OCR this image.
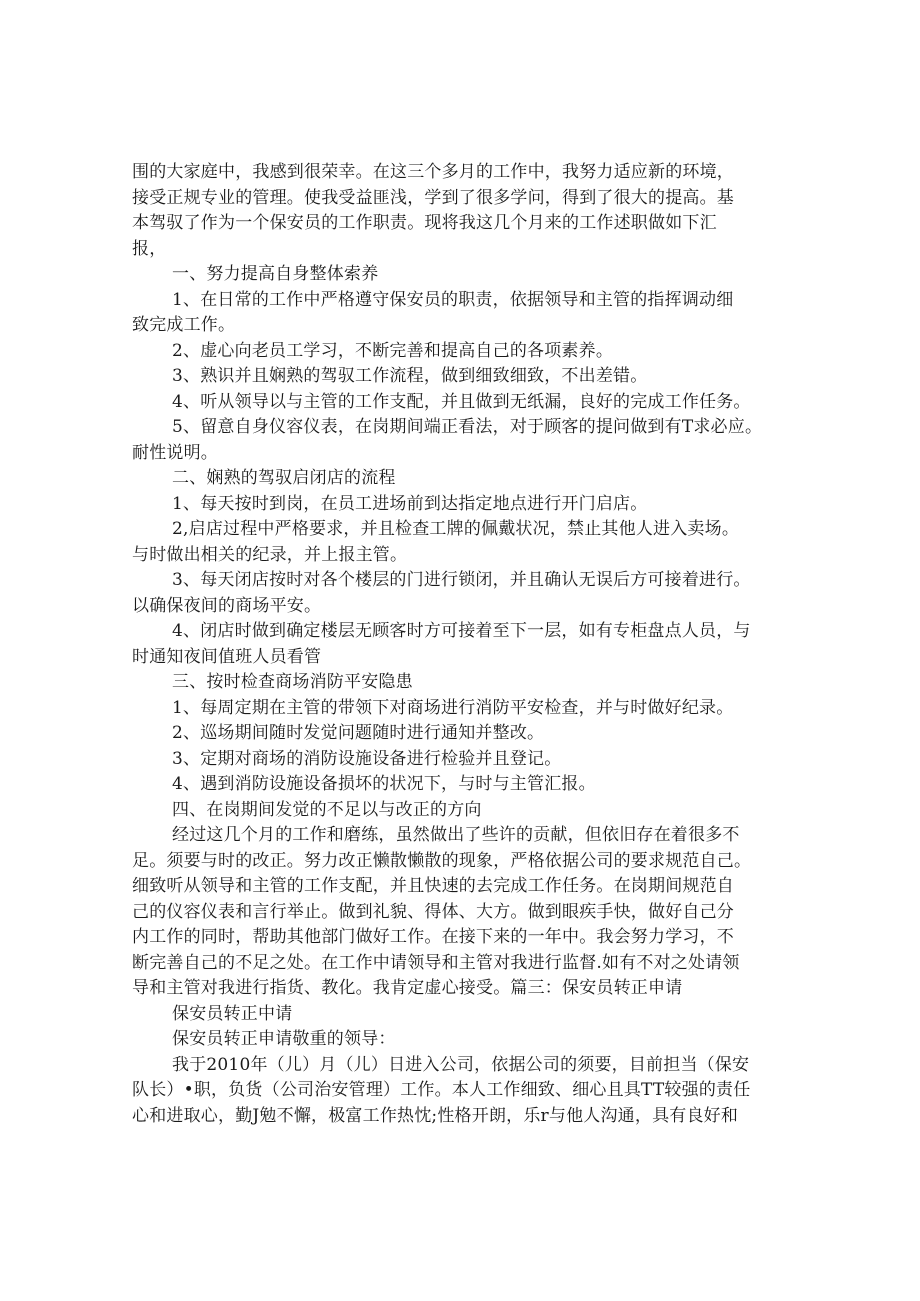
围的大家庭中，我感到很荣幸。在这三个多月的工作中，我努力适应新的环境，
接受正规专业的管理。使我受益匪浅，学到了很多学问，得到了很大的提高。基
本驾驭了作为一个保安员的工作职责。现将我这几个月来的工作述职做如下汇
报，
一、努力提高自身整体索养
1、在日常的工作中严格遵守保安员的职责，依据领导和主管的指挥调动细
致完成工作。
2、虚心向老员工学习，不断完善和提高自己的各项素养。
3、熟识并且娴熟的驾驭工作流程，做到细致细致，不出差错。
4、听从领导以与主管的工作支配，并且做到无纸漏，良好的完成工作任务。
5、留意自身仪容仪表，在岗期间端正看法，对于顾客的提问做到有T求必应。
耐性说明。
二、娴熟的驾驭启闭店的流程
1、每天按时到岗，在员工进场前到达指定地点进行开门启店。
2,启店过程中严格要求，并且检查工牌的佩戴状况，禁止其他人进入卖场。
与时做出相关的纪录，并上报主管。
3、每天闭店按时对各个楼层的门进行锁闭，并且确认无误后方可接着进行。
以确保夜间的商场平安。
4、闭店时做到确定楼层无顾客时方可接着至下一层，如有专柜盘点人员，与
时通知夜间值班人员看管
三、按时检查商场消防平安隐患
1、每周定期在主管的带领下对商场进行消防平安检查，并与时做好纪录。
2、巡场期间随时发觉问题随时进行通知并整改。
3、定期对商场的消防设施设备进行检验并且登记。
4、遇到消防设施设备损坏的状况下，与时与主管汇报。
四、在岗期间发觉的不足以与改正的方向
经过这几个月的工作和磨练，虽然做出了些许的贡献，但依旧存在着很多不
足。须要与时的改正。努力改正懒散懒散的现象，严格依据公司的要求规范自己。
细致听从领导和主管的工作支配，并且快速的去完成工作任务。在岗期间规范自
己的仪容仪表和言行举止。做到礼貌、得体、大方。做到眼疾手快，做好自己分
内工作的同时，帮助其他部门做好工作。在接下来的一年中。我会努力学习，不
断完善自己的不足之处。在工作中请领导和主管对我进行监督.如有不对之处请领
导和主管对我进行指货、教化。我肯定虚心接受。篇三：保安员转正申请
保安员转正中请
保安员转正申请敬重的领导：
我于2010年（儿）月（儿）日进入公司，依据公司的须要，目前担当（保安
队长）•职，负货（公司治安管理）工作。本人工作细致、细心且具TT较强的责任
心和进取心，勤J勉不懈，极富工作热忱;性格开朗，乐r与他人沟通，具有良好和
